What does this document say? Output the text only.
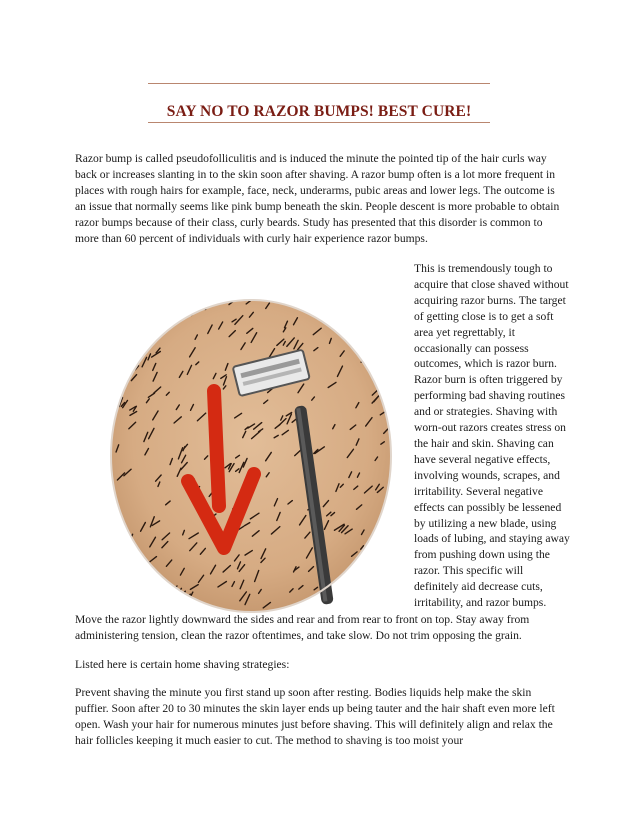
SAY NO TO RAZOR BUMPS! BEST CURE!

Razor bump is called pseudofolliculitis and is induced the minute the pointed tip of the hair curls way back or increases slanting in to the skin soon after shaving. A razor bump often is a lot more frequent in places with rough hairs for example, face, neck, underarms, pubic areas and lower legs. The outcome is an issue that normally seems like pink bump beneath the skin. People descent is more probable to obtain razor bumps because of their class, curly beards. Study has presented that this disorder is common to more than 60 percent of individuals with curly hair experience razor bumps.

This is tremendously tough to acquire that close shaved without acquiring razor burns. The target of getting close is to get a soft area yet regrettably, it occasionally can possess outcomes, which is razor burn. Razor burn is often triggered by performing bad shaving routines and or strategies. Shaving with worn-out razors creates stress on the hair and skin. Shaving can have several negative effects, involving wounds, scrapes, and irritability. Several negative effects can possibly be lessened by utilizing a new blade, using loads of lubing, and staying away from pushing down using the razor. This specific will definitely aid decrease cuts, irritability, and razor bumps.

Move the razor lightly downward the sides and rear and from rear to front on top. Stay away from administering tension, clean the razor oftentimes, and take slow. Do not trim opposing the grain.

Listed here is certain home shaving strategies:

Prevent shaving the minute you first stand up soon after resting. Bodies liquids help make the skin puffier. Soon after 20 to 30 minutes the skin layer ends up being tauter and the hair shaft even more left open. Wash your hair for numerous minutes just before shaving. This will definitely align and relax the hair follicles keeping it much easier to cut. The method to shaving is too moist your
